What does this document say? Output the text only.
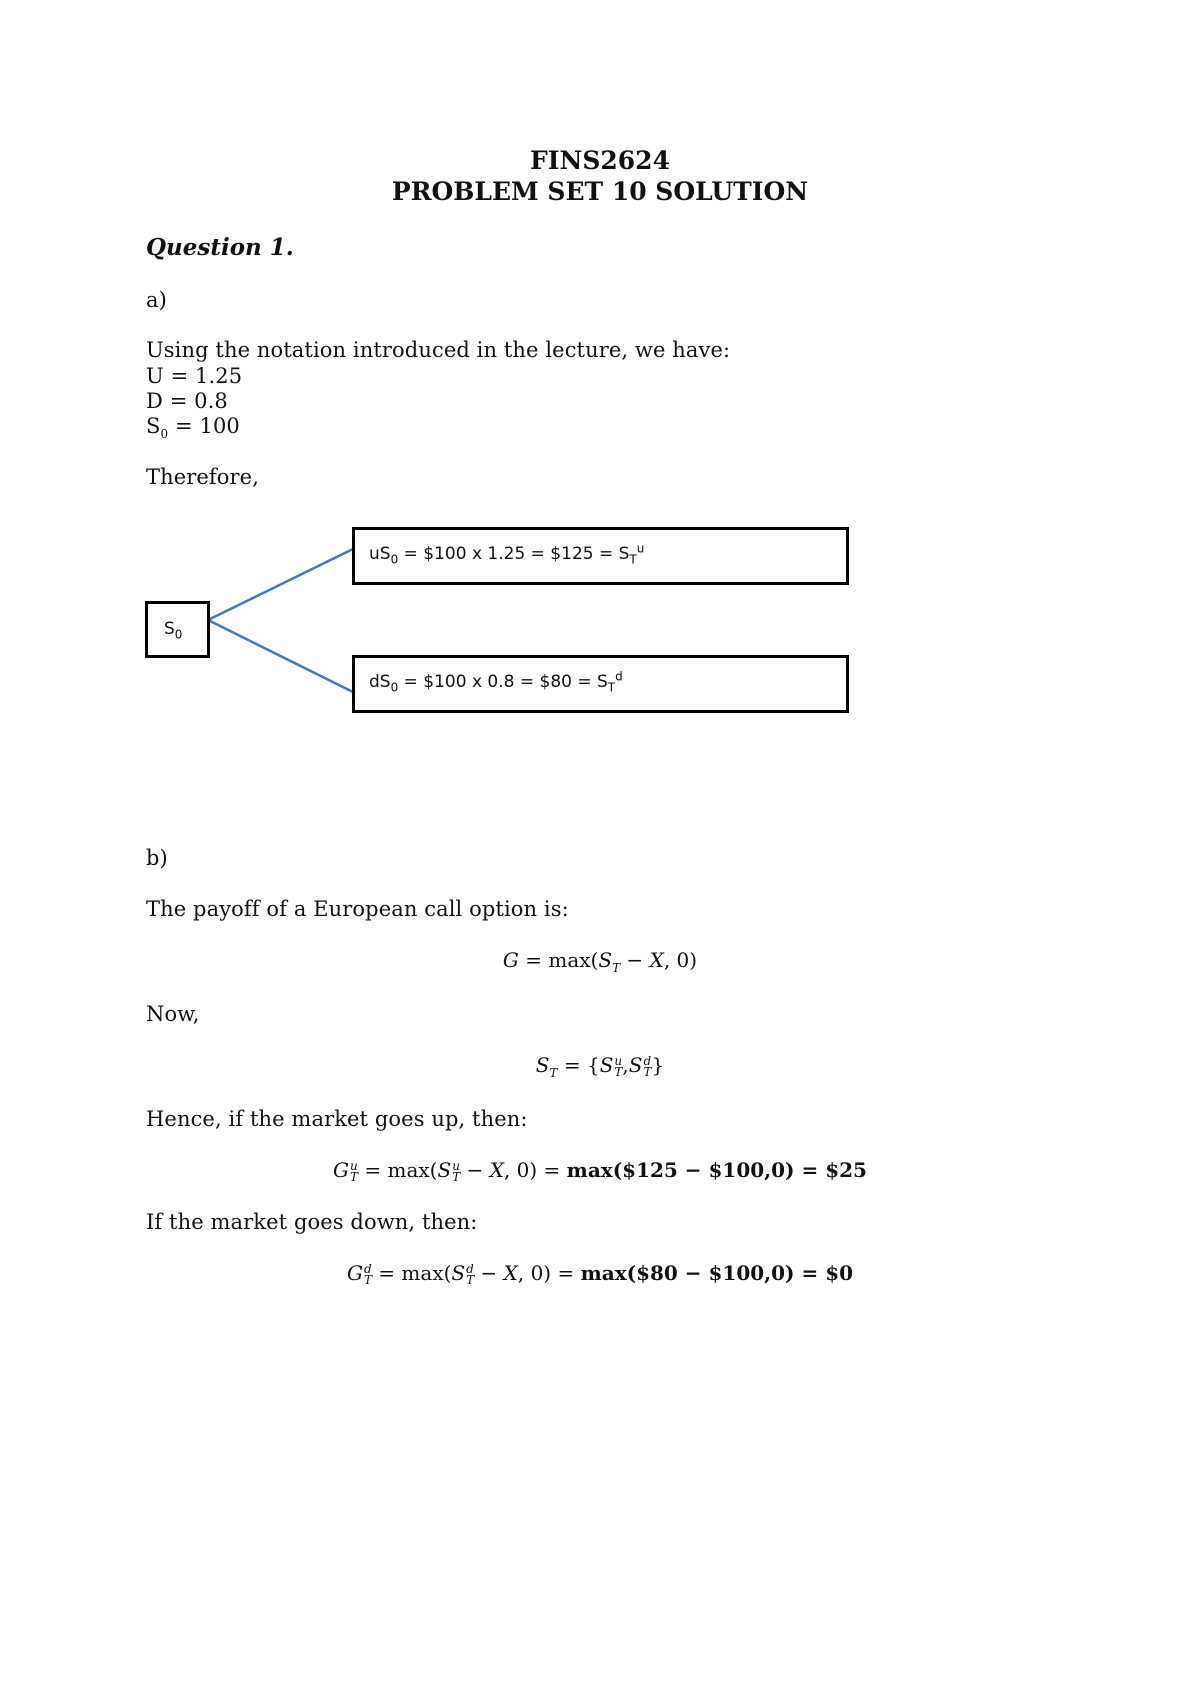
FINS2624
PROBLEM SET 10 SOLUTION
Question 1.
a)
Using the notation introduced in the lecture, we have:
U = 1.25
D = 0.8
$S_0 = 100$
Therefore,
$S_0$
$uS_0$ = $100 x 1.25 = $125 = $S_T^u$
$dS_0$ = $100 x 0.8 = $80 = $S_T^d$
b)
The payoff of a European call option is:
$G = \max(S_T - X$, 0)
Now,
$S_T = \{S$ u
T ,S d
T }
Hence, if the market goes up, then:
G u
T = max(S u
T − X, 0) = max($125 − $100,0) = $25
If the market goes down, then:
G d
T = max(S d
T − X, 0) = max($80 − $100,0) = $0
